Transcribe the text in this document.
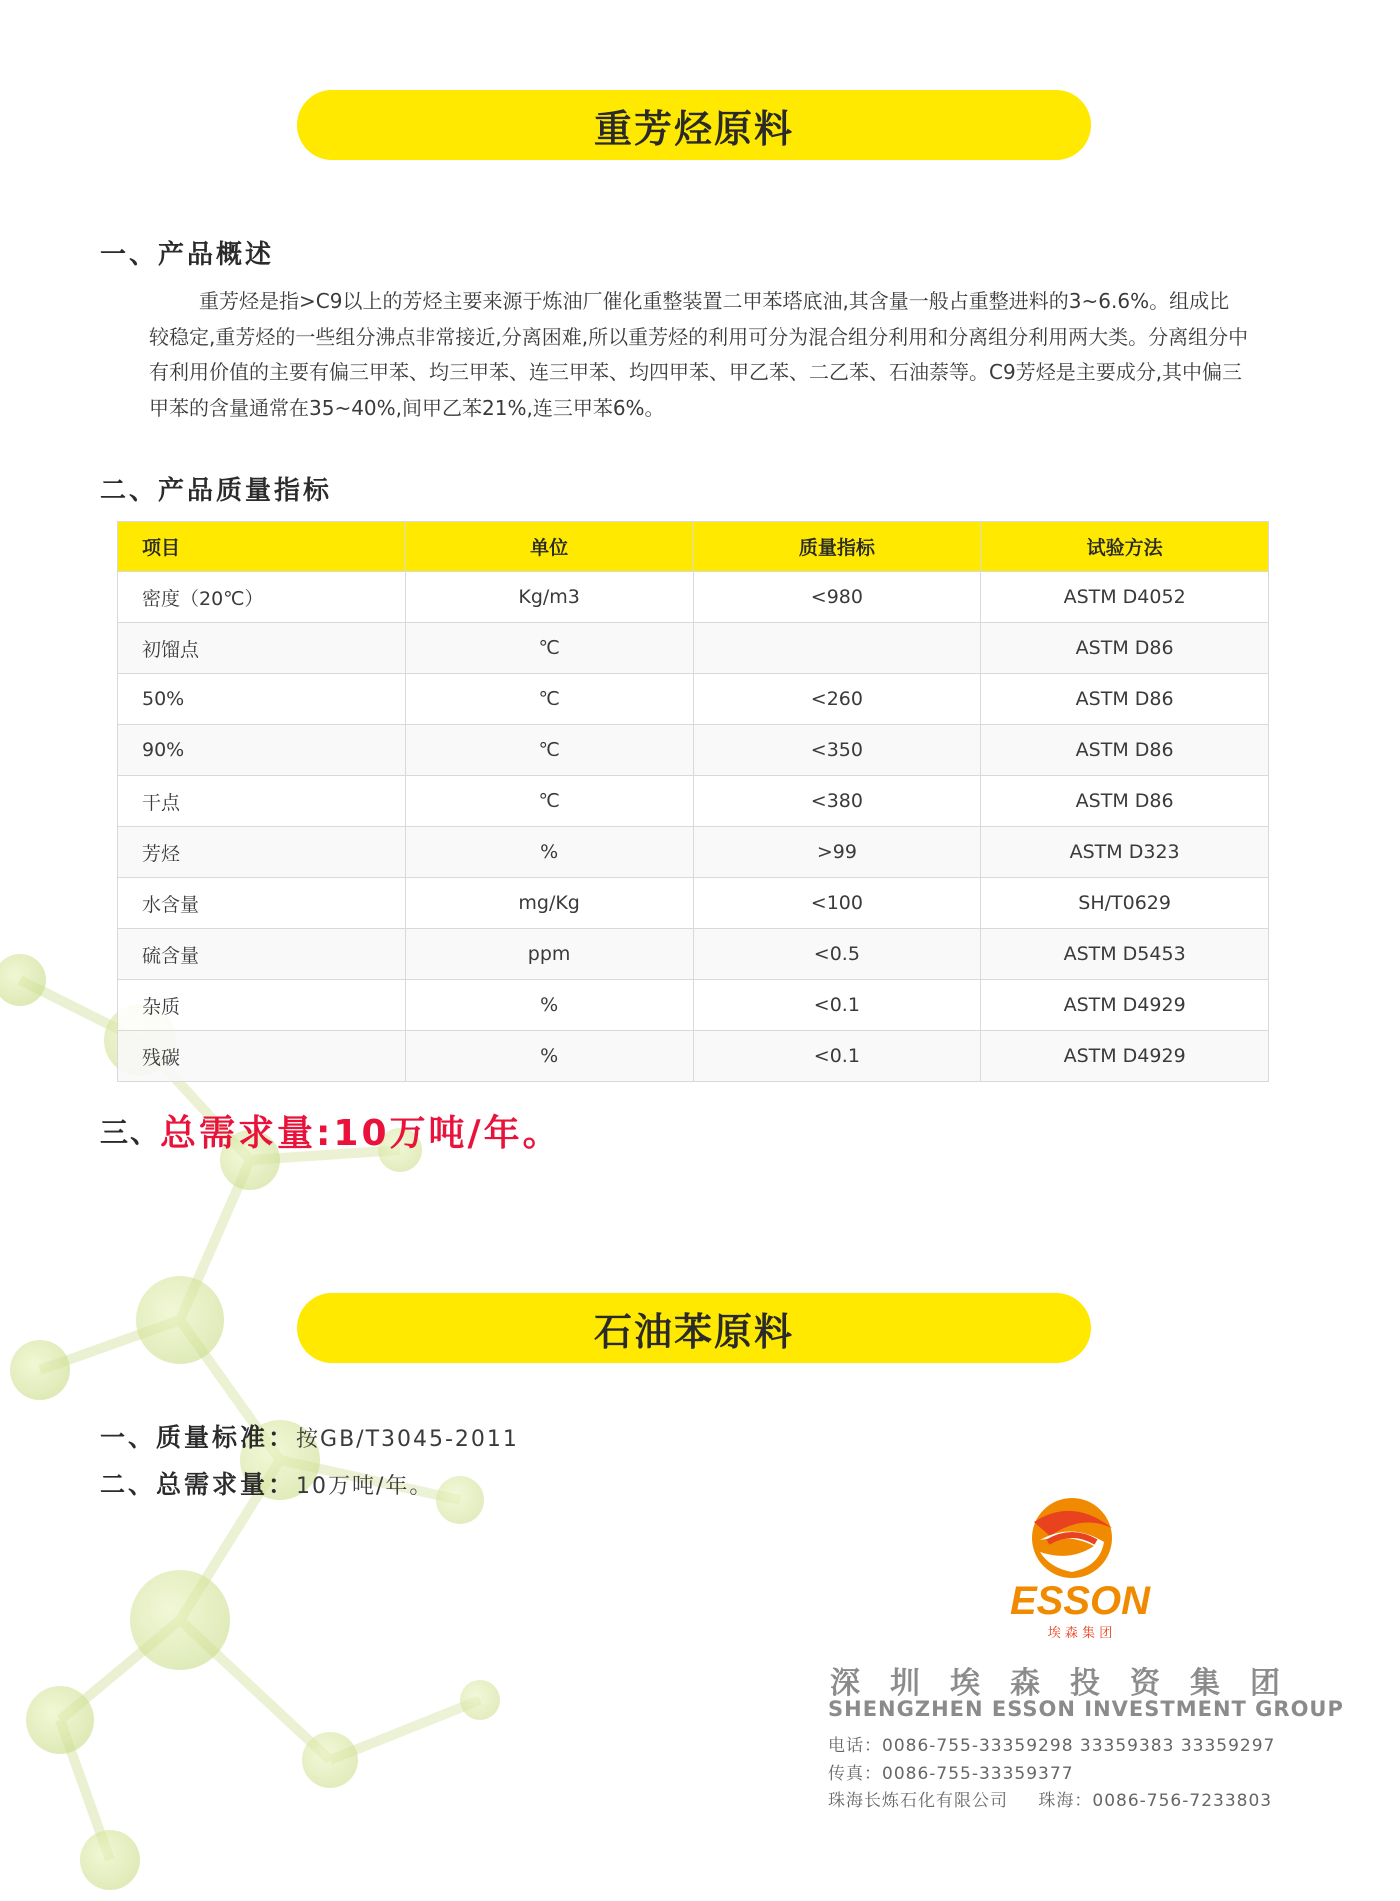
重芳烃原料
一、产品概述

重芳烃是指>C9以上的芳烃主要来源于炼油厂催化重整装置二甲苯塔底油,其含量一般占重整进料的3~6.6%。组成比较稳定,重芳烃的一些组分沸点非常接近,分离困难,所以重芳烃的利用可分为混合组分利用和分离组分利用两大类。分离组分中有利用价值的主要有偏三甲苯、均三甲苯、连三甲苯、均四甲苯、甲乙苯、二乙苯、石油萘等。C9芳烃是主要成分,其中偏三甲苯的含量通常在35~40%,间甲乙苯21%,连三甲苯6%。

二、产品质量指标
项目	单位	质量指标	试验方法
密度（20℃）	Kg/m3	<980	ASTM D4052
初馏点	℃		ASTM D86
50%	℃	<260	ASTM D86
90%	℃	<350	ASTM D86
干点	℃	<380	ASTM D86
芳烃	%	>99	ASTM D323
水含量	mg/Kg	<100	SH/T0629
硫含量	ppm	<0.5	ASTM D5453
杂质	%	<0.1	ASTM D4929
残碳	%	<0.1	ASTM D4929
三、 总需求量:10万吨/年。
石油苯原料
一、质量标准： 按GB/T3045-2011
二、总需求量： 10万吨/年。
ESSON
埃 森 集 团
深 圳 埃 森 投 资 集 团
SHENGZHEN ESSON INVESTMENT GROUP
电话：0086-755-33359298 33359383 33359297
传真：0086-755-33359377
珠海长炼石化有限公司 珠海：0086-756-7233803
